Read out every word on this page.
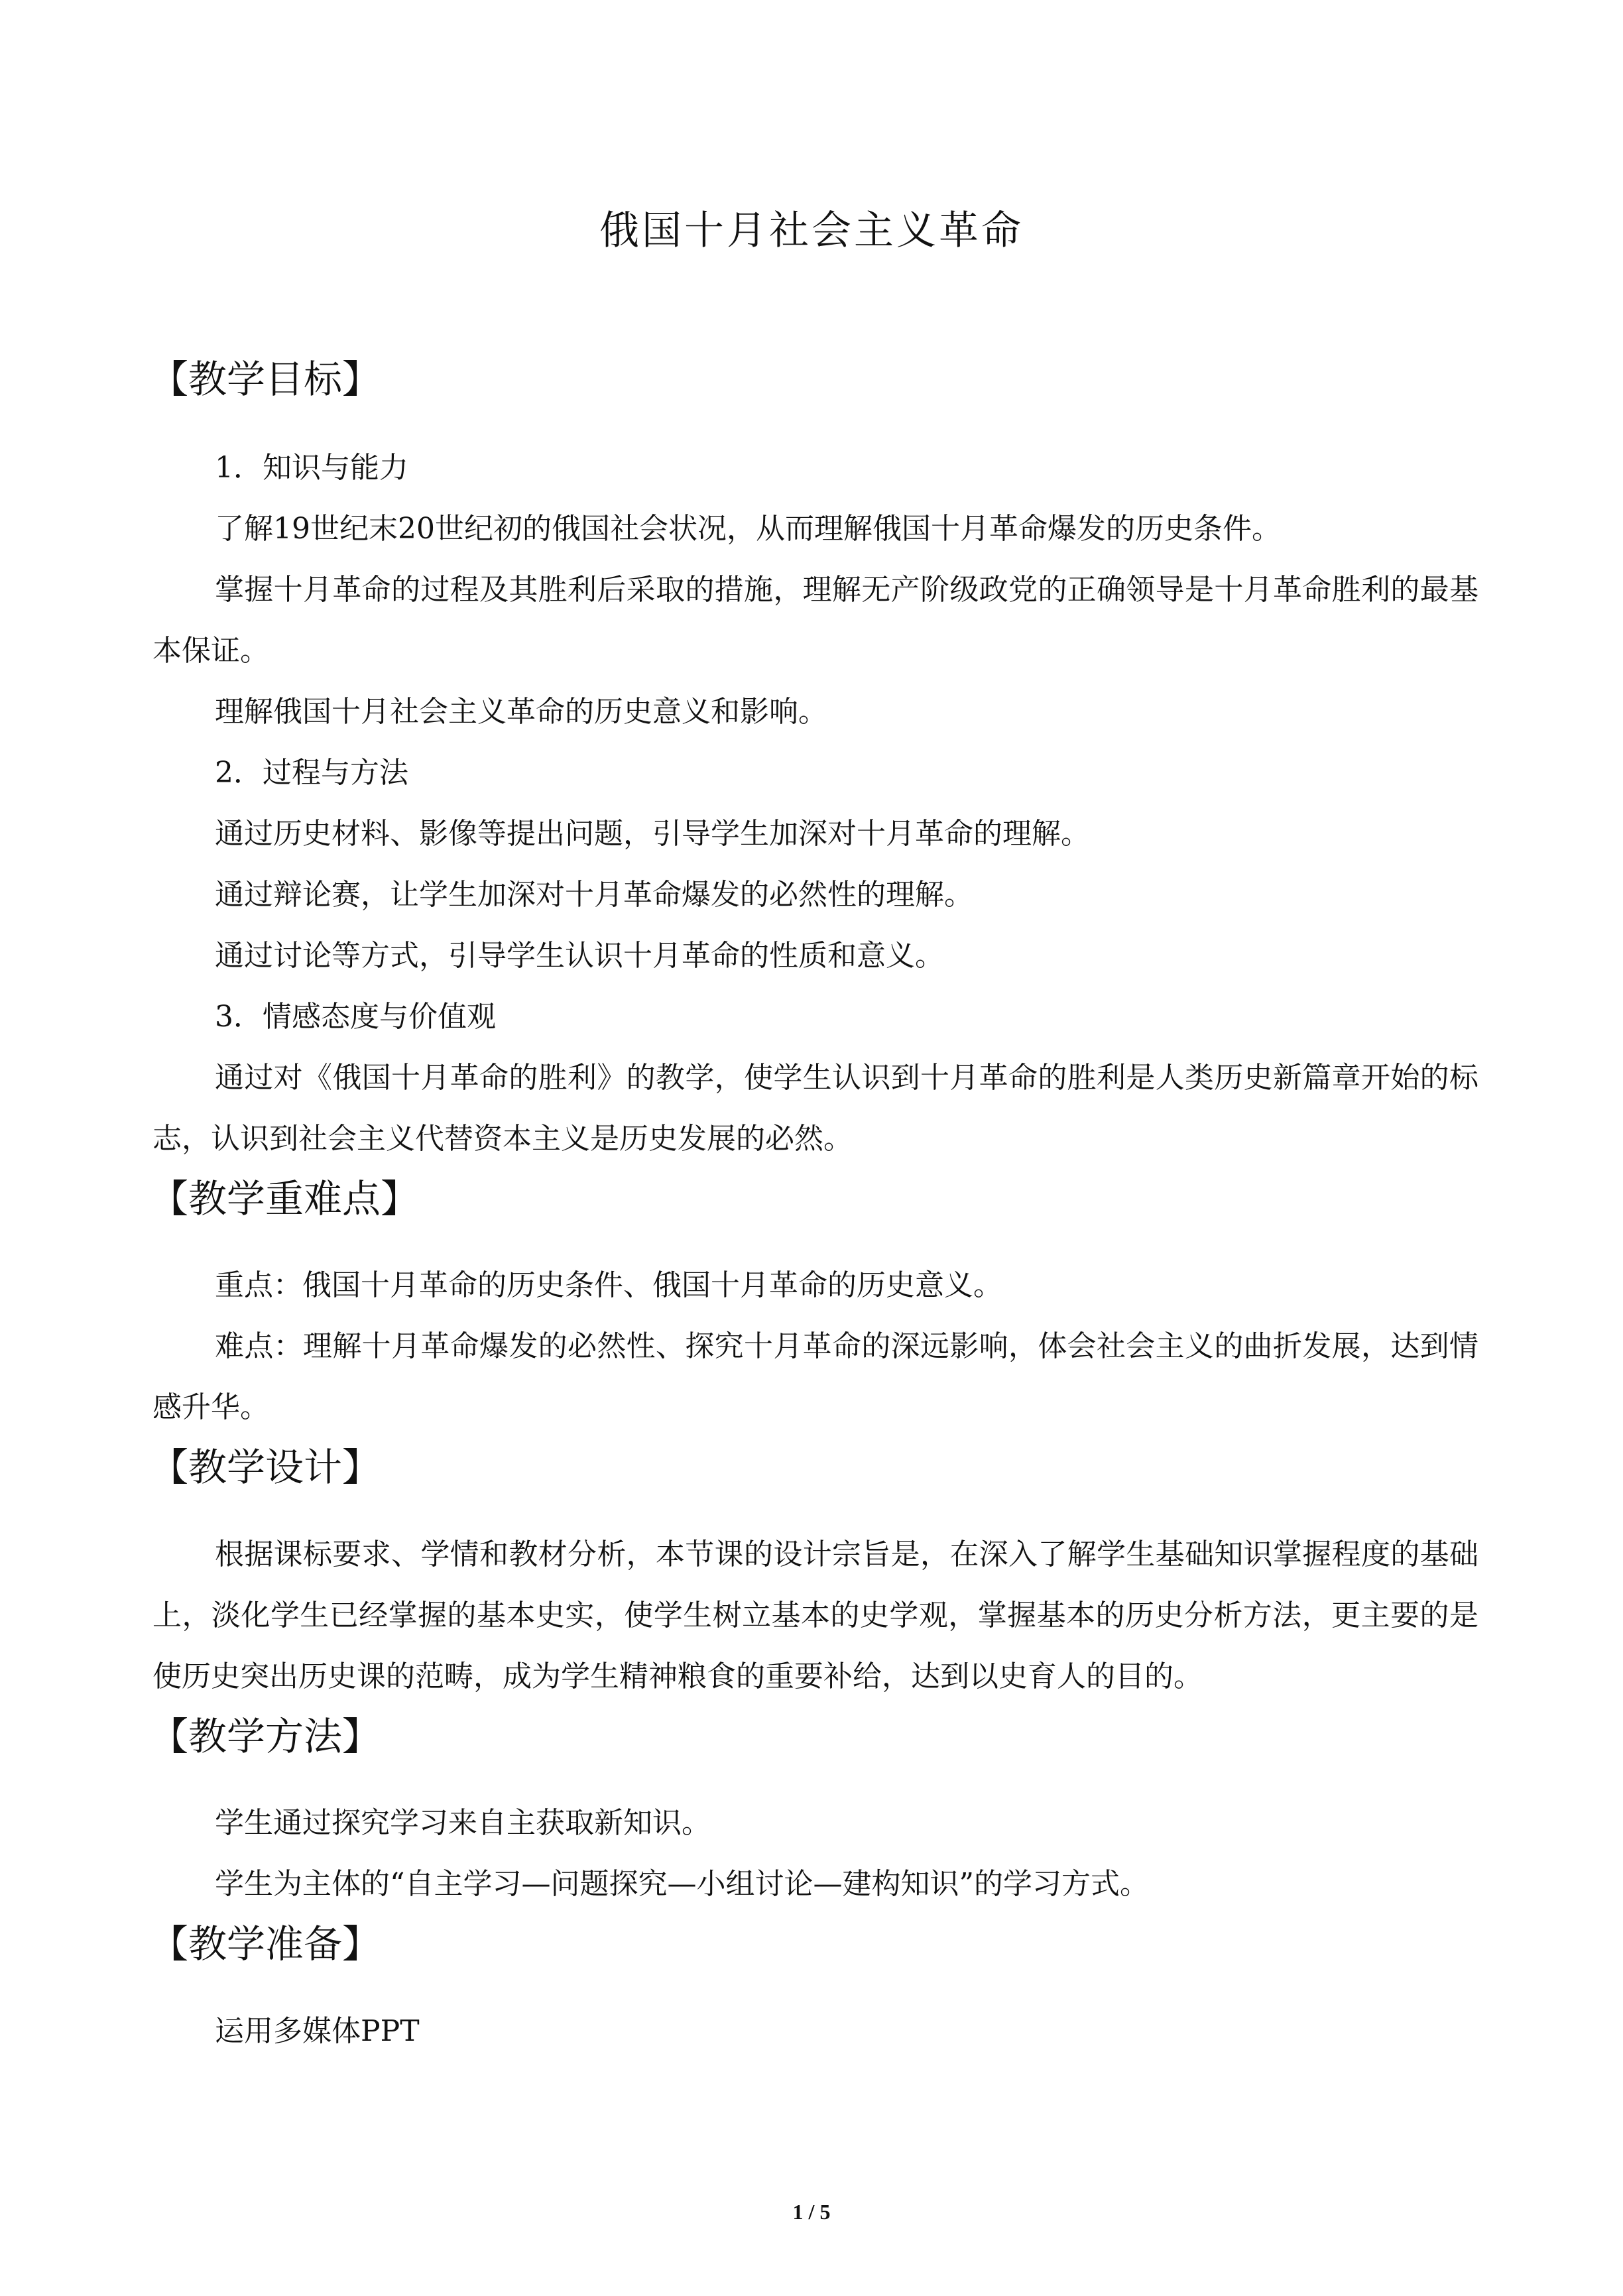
俄国十月社会主义革命
【教学目标】
1．知识与能力
了解19世纪末20世纪初的俄国社会状况，从而理解俄国十月革命爆发的历史条件。
掌握十月革命的过程及其胜利后采取的措施，理解无产阶级政党的正确领导是十月革命胜利的最基本保证。
理解俄国十月社会主义革命的历史意义和影响。
2．过程与方法
通过历史材料、影像等提出问题，引导学生加深对十月革命的理解。
通过辩论赛，让学生加深对十月革命爆发的必然性的理解。
通过讨论等方式，引导学生认识十月革命的性质和意义。
3．情感态度与价值观
通过对《俄国十月革命的胜利》的教学，使学生认识到十月革命的胜利是人类历史新篇章开始的标志，认识到社会主义代替资本主义是历史发展的必然。
【教学重难点】
重点：俄国十月革命的历史条件、俄国十月革命的历史意义。
难点：理解十月革命爆发的必然性、探究十月革命的深远影响，体会社会主义的曲折发展，达到情感升华。
【教学设计】
根据课标要求、学情和教材分析，本节课的设计宗旨是，在深入了解学生基础知识掌握程度的基础上，淡化学生已经掌握的基本史实，使学生树立基本的史学观，掌握基本的历史分析方法，更主要的是使历史突出历史课的范畴，成为学生精神粮食的重要补给，达到以史育人的目的。
【教学方法】
学生通过探究学习来自主获取新知识。
学生为主体的“自主学习—问题探究—小组讨论—建构知识”的学习方式。
【教学准备】
运用多媒体PPT
1 / 5
